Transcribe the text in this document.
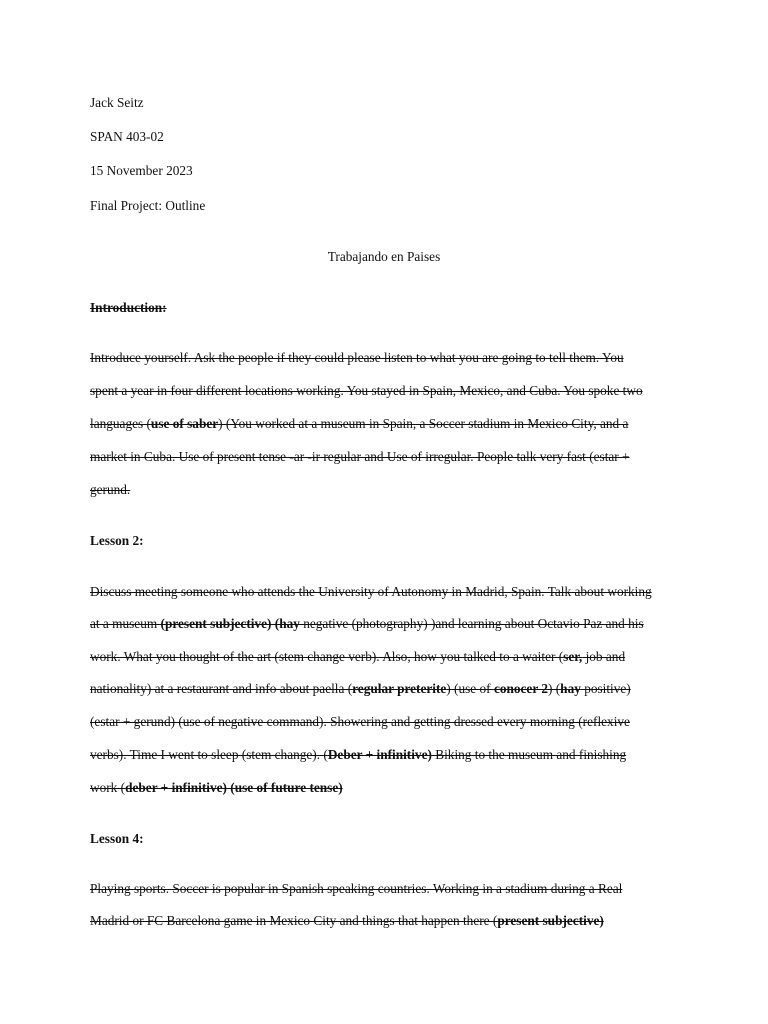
Jack Seitz
SPAN 403-02
15 November 2023
Final Project: Outline
Trabajando en Paises
Introduction:
Introduce yourself. Ask the people if they could please listen to what you are going to tell them. You
spent a year in four different locations working. You stayed in Spain, Mexico, and Cuba. You spoke two
languages (use of saber) (You worked at a museum in Spain, a Soccer stadium in Mexico City, and a
market in Cuba. Use of present tense -ar -ir regular and Use of irregular. People talk very fast (estar +
gerund.
Lesson 2:
Discuss meeting someone who attends the University of Autonomy in Madrid, Spain. Talk about working
at a museum (present subjective) (hay negative (photography) )and learning about Octavio Paz and his
work. What you thought of the art (stem change verb). Also, how you talked to a waiter (ser, job and
nationality) at a restaurant and info about paella (regular preterite) (use of conocer 2) (hay positive)
(estar + gerund) (use of negative command). Showering and getting dressed every morning (reflexive
verbs). Time I went to sleep (stem change). (Deber + infinitive) Biking to the museum and finishing
work (deber + infinitive) (use of future tense)
Lesson 4:
Playing sports. Soccer is popular in Spanish speaking countries. Working in a stadium during a Real
Madrid or FC Barcelona game in Mexico City and things that happen there (present subjective)
